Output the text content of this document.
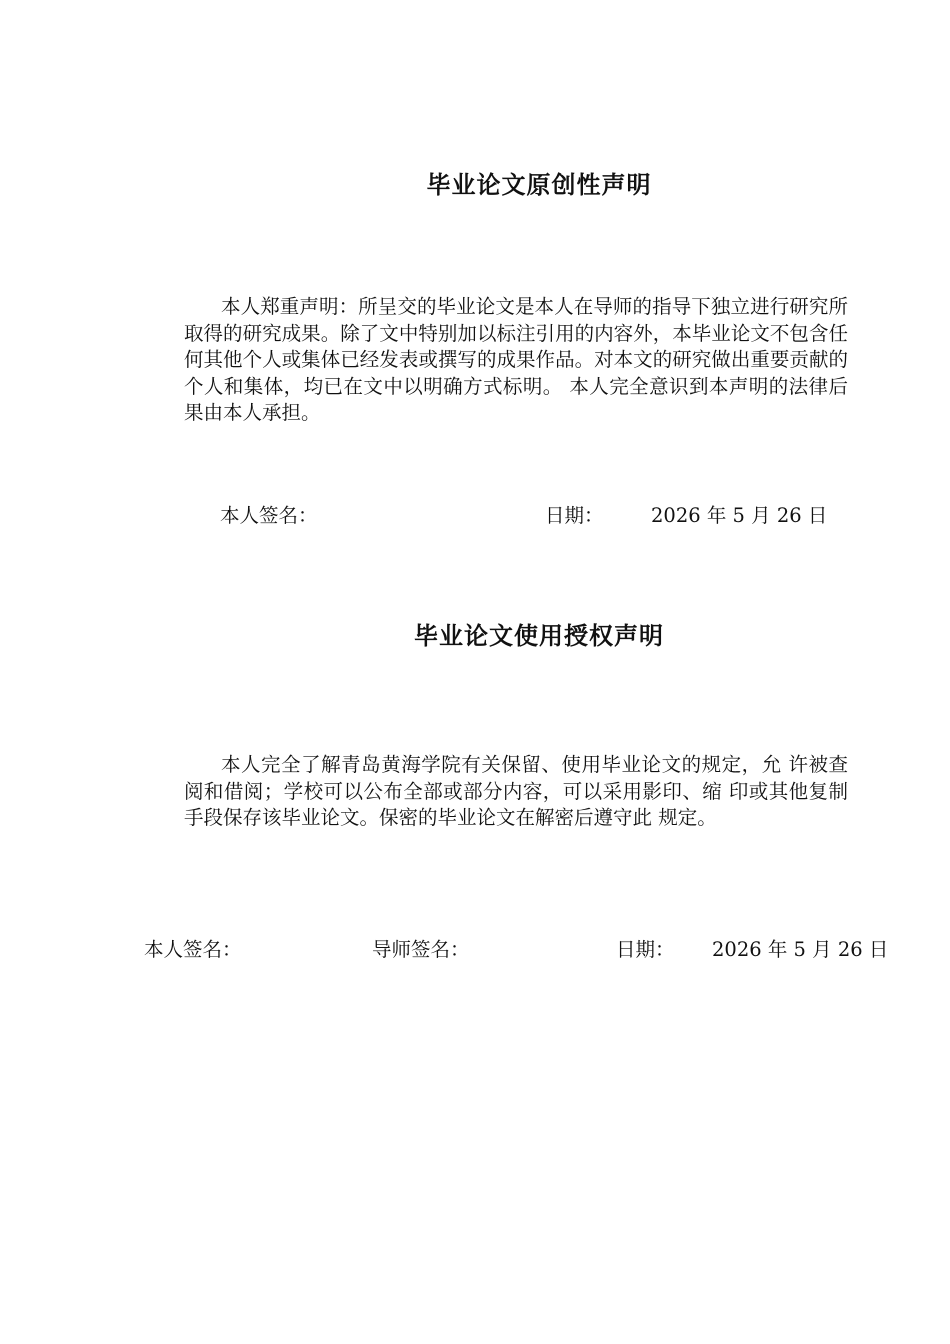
毕业论文原创性声明
本人郑重声明：所呈交的毕业论文是本人在导师的指导下独立进行研究所取得的研究成果。除了文中特别加以标注引用的内容外，本毕业论文不包含任何其他个人或集体已经发表或撰写的成果作品。对本文的研究做出重要贡献的个人和集体，均已在文中以明确方式标明。 本人完全意识到本声明的法律后果由本人承担。
本人签名：	日期： 2026 年 5 月 26 日
毕业论文使用授权声明
本人完全了解青岛黄海学院有关保留、使用毕业论文的规定，允 许被查阅和借阅；学校可以公布全部或部分内容，可以采用影印、缩 印或其他复制手段保存该毕业论文。保密的毕业论文在解密后遵守此 规定。
本人签名：	导师签名：	日期： 2026 年 5 月 26 日
